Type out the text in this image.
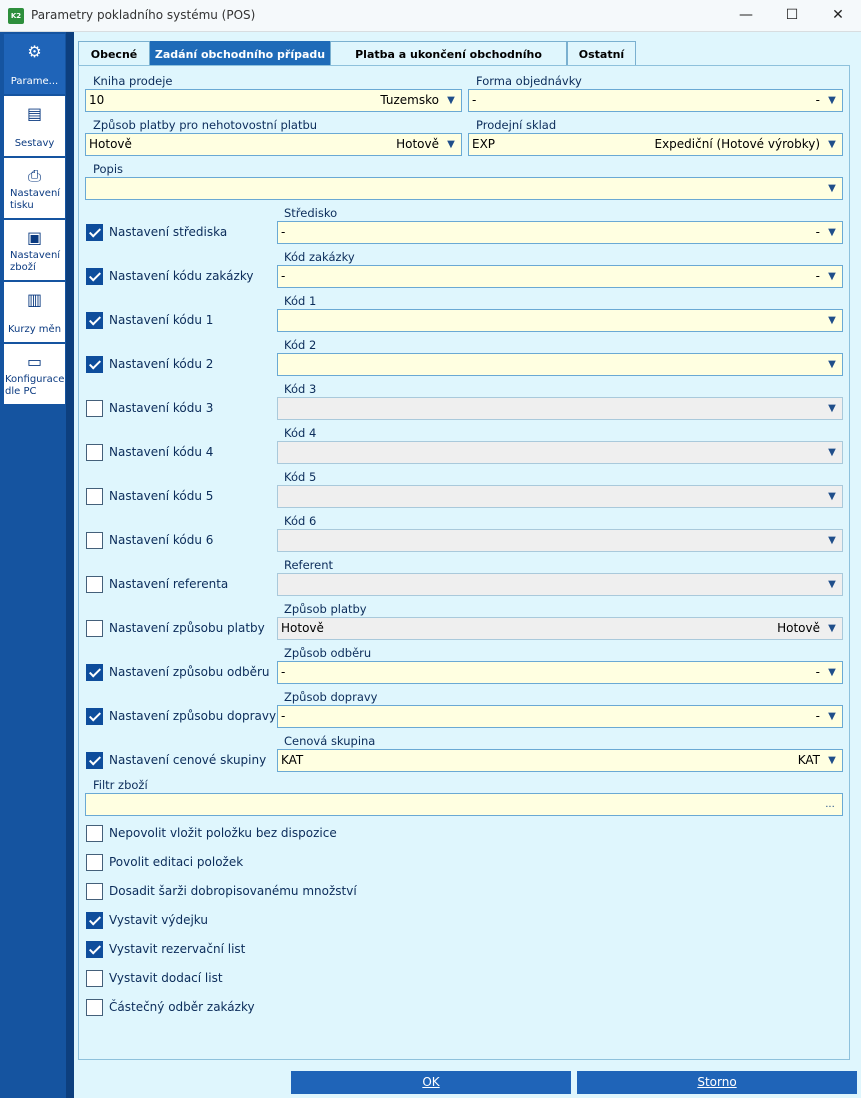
K2 Parametry pokladního systému (POS)	—	☐	✕
⚙
Parame...
▤
Sestavy
⎙
Nastavení tisku
▣
Nastavení zboží
▥
Kurzy měn
▭
Konfigurace dle PC
Obecné	Zadání obchodního případu	Platba a ukončení obchodního	Ostatní
Kniha prodeje
10	Tuzemsko ▼
Forma objednávky
-	- ▼
Způsob platby pro nehotovostní platbu
Hotově	Hotově ▼
Prodejní sklad
EXP	Expediční (Hotové výrobky) ▼
Popis
▼
Nastavení střediska
Středisko
-	- ▼
Nastavení kódu zakázky
Kód zakázky
-	- ▼
Nastavení kódu 1
Kód 1
▼
Nastavení kódu 2
Kód 2
▼
Nastavení kódu 3
Kód 3
▼
Nastavení kódu 4
Kód 4
▼
Nastavení kódu 5
Kód 5
▼
Nastavení kódu 6
Kód 6
▼
Nastavení referenta
Referent
▼
Nastavení způsobu platby
Způsob platby
Hotově	Hotově ▼
Nastavení způsobu odběru
Způsob odběru
-	- ▼
Nastavení způsobu dopravy
Způsob dopravy
-	- ▼
Nastavení cenové skupiny
Cenová skupina
KAT	KAT ▼
Filtr zboží
...
Nepovolit vložit položku bez dispozice
Povolit editaci položek
Dosadit šarži dobropisovanému množství
Vystavit výdejku
Vystavit rezervační list
Vystavit dodací list
Částečný odběr zakázky
OK	Storno
